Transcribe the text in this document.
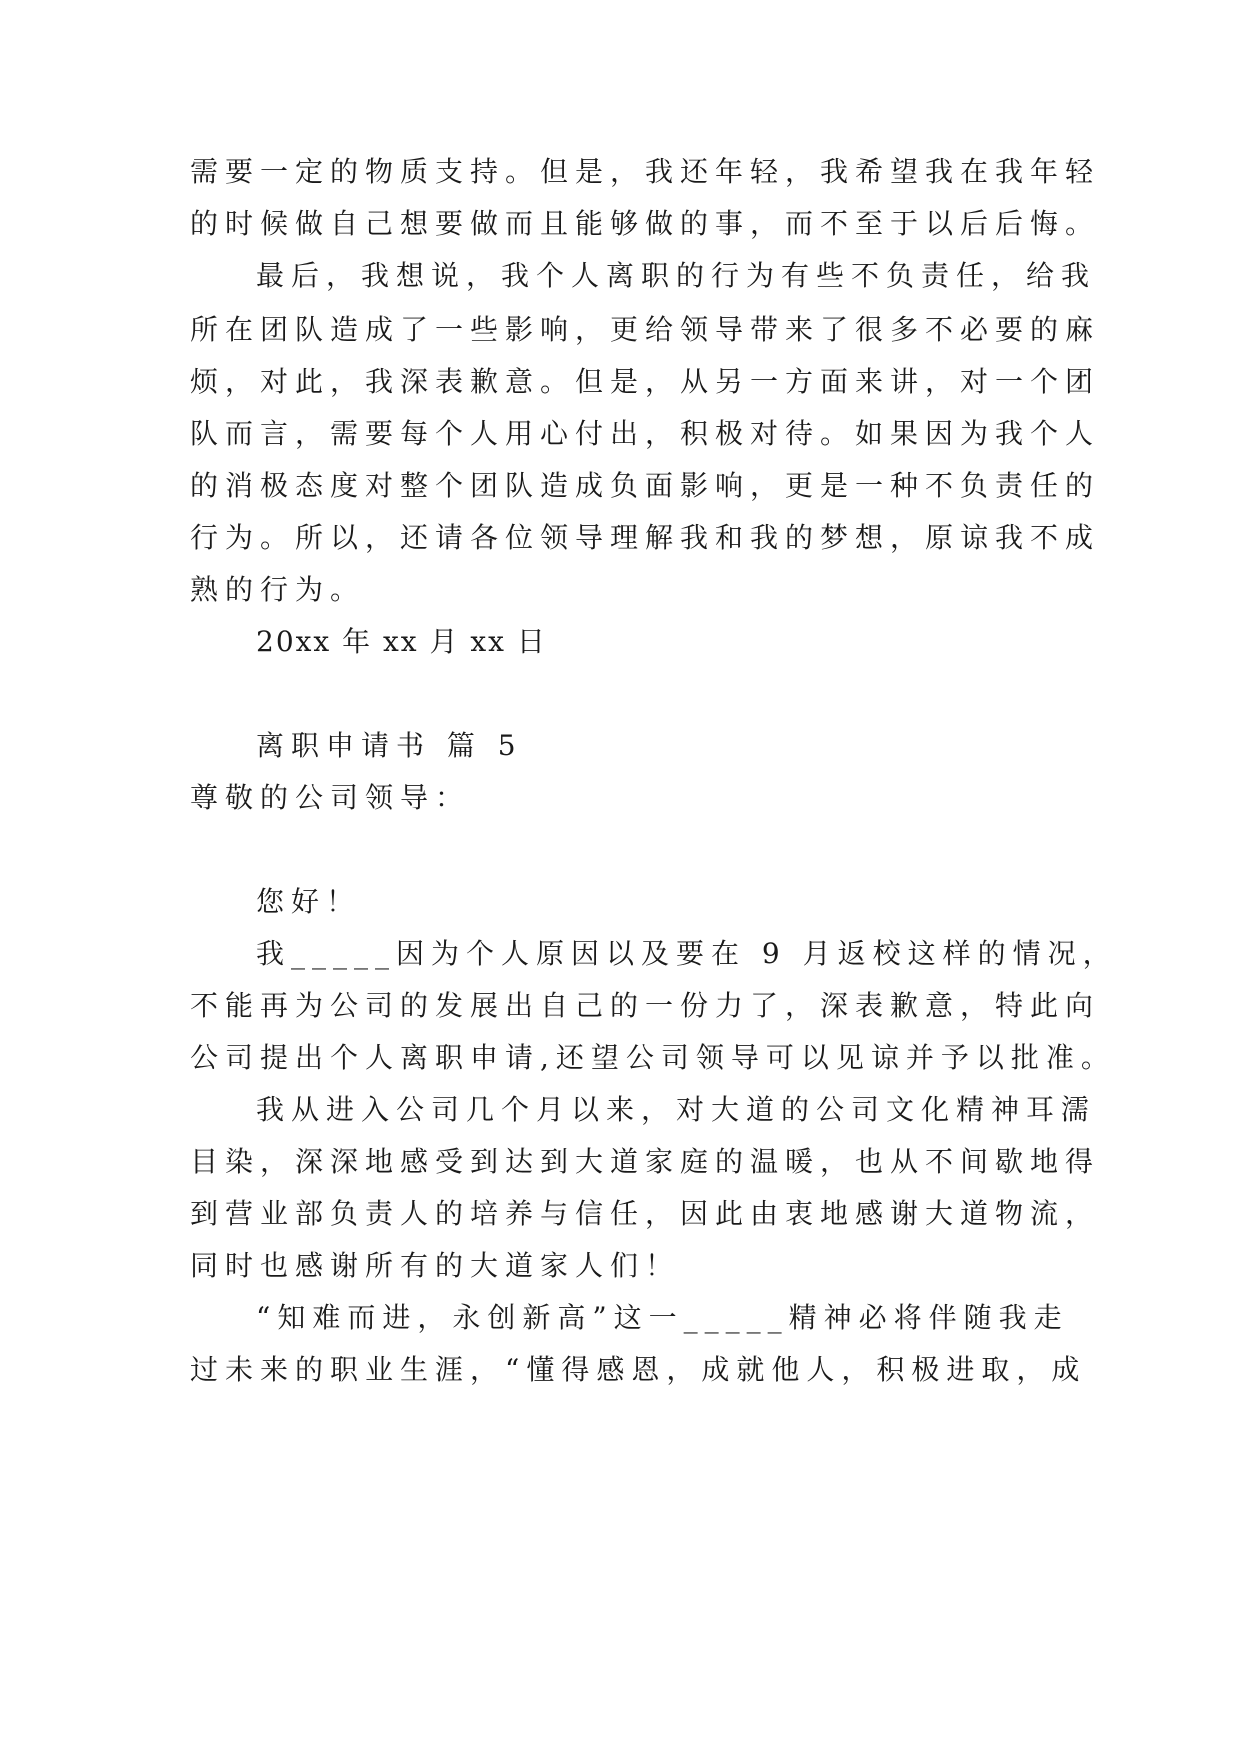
需要一定的物质支持。但是，我还年轻，我希望我在我年轻
的时候做自己想要做而且能够做的事，而不至于以后后悔。
最后，我想说，我个人离职的行为有些不负责任，给我
所在团队造成了一些影响，更给领导带来了很多不必要的麻
烦，对此，我深表歉意。但是，从另一方面来讲，对一个团
队而言，需要每个人用心付出，积极对待。如果因为我个人
的消极态度对整个团队造成负面影响，更是一种不负责任的
行为。所以，还请各位领导理解我和我的梦想，原谅我不成
熟的行为。
20xx 年 xx 月 xx 日
离职申请书 篇 5
尊敬的公司领导：
您好！
我_____因为个人原因以及要在 9 月返校这样的情况，
不能再为公司的发展出自己的一份力了，深表歉意，特此向
公司提出个人离职申请,还望公司领导可以见谅并予以批准。
我从进入公司几个月以来，对大道的公司文化精神耳濡
目染，深深地感受到达到大道家庭的温暖，也从不间歇地得
到营业部负责人的培养与信任，因此由衷地感谢大道物流，
同时也感谢所有的大道家人们！
“知难而进，永创新高”这一_____精神必将伴随我走
过未来的职业生涯，“懂得感恩，成就他人，积极进取，成
